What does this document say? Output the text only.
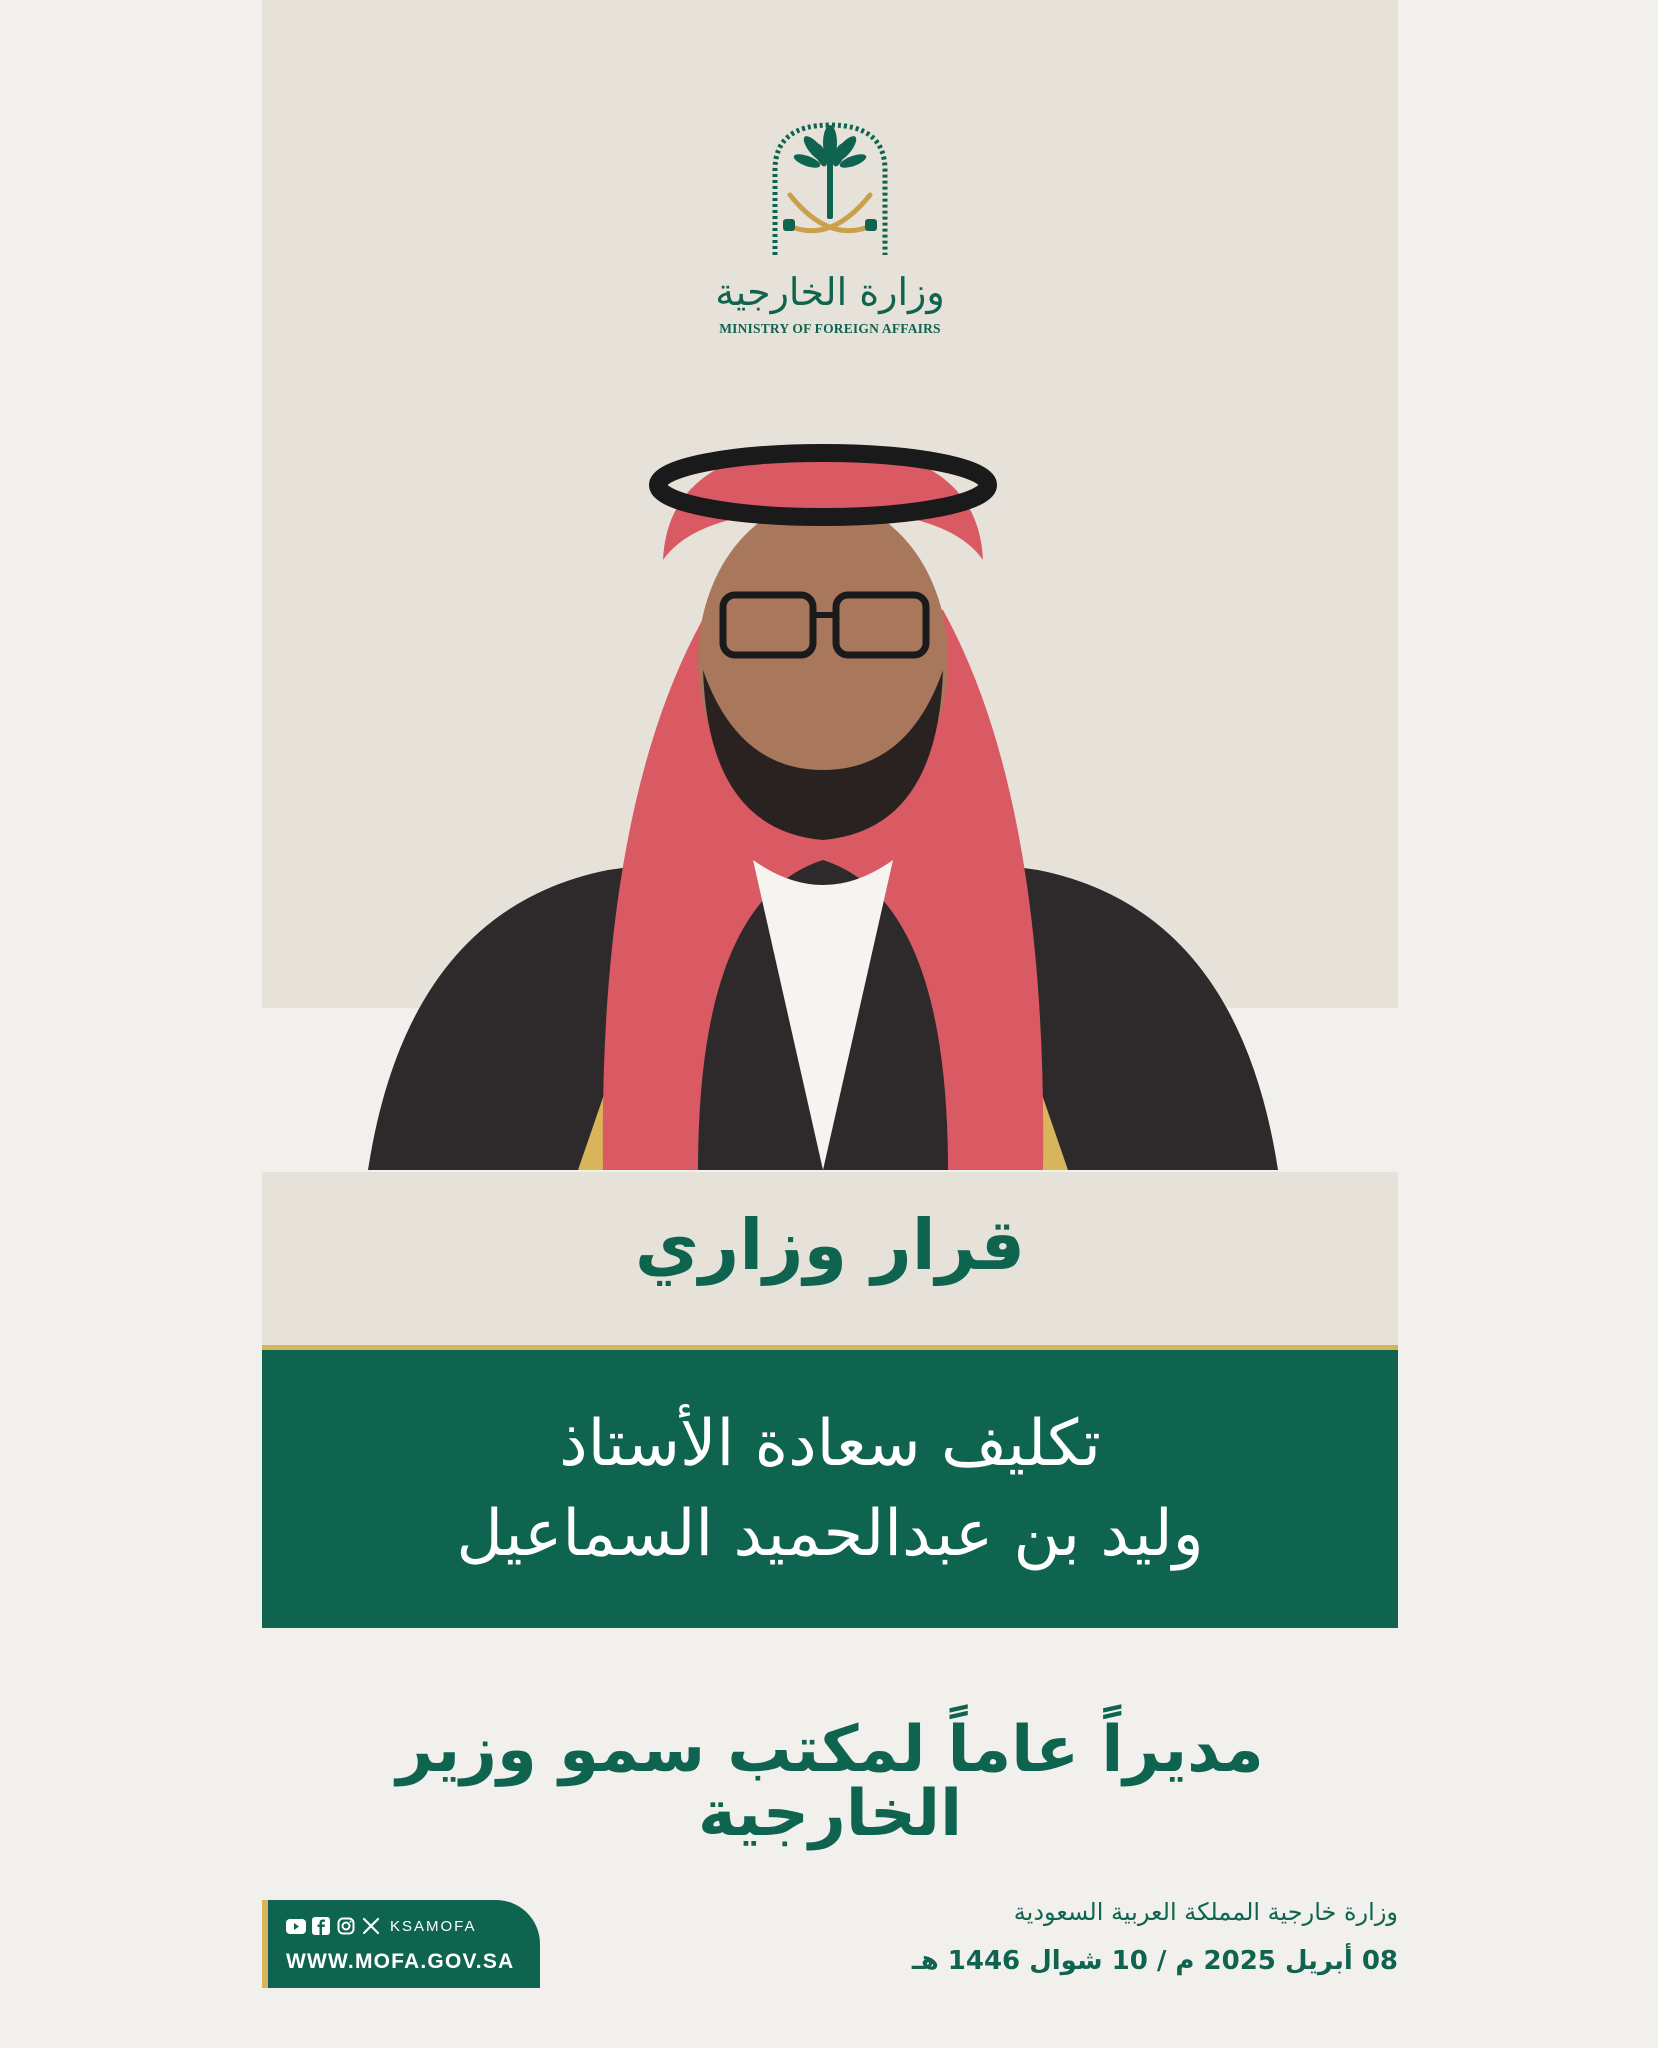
وزارة الخارجية
MINISTRY OF FOREIGN AFFAIRS
قرار وزاري
تكليف سعادة الأستاذ
وليد بن عبدالحميد السماعيل
مديراً عاماً لمكتب سمو وزير الخارجية
KSAMOFA
WWW.MOFA.GOV.SA
وزارة خارجية المملكة العربية السعودية
08 أبريل 2025 م / 10 شوال 1446 هـ
